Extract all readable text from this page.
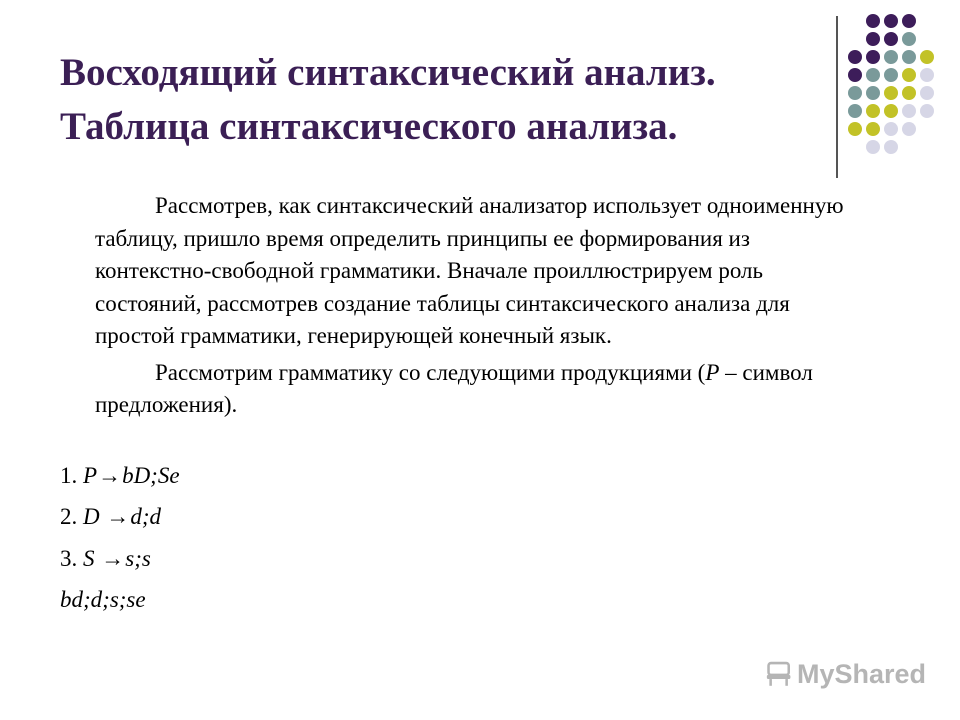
Восходящий синтаксический анализ.
Таблица синтаксического анализа.

Рассмотрев, как синтаксический анализатор использует одноименную таблицу, пришло время определить принципы ее формирования из контекстно-свободной грамматики. Вначале проиллюстрируем роль состояний, рассмотрев создание таблицы синтаксического анализа для простой грамматики, генерирующей конечный язык.

Рассмотрим грамматику со следующими продукциями (P – символ предложения).

1. P→bD;Se
2. D →d;d
3. S →s;s
bd;d;s;se
MyShared
